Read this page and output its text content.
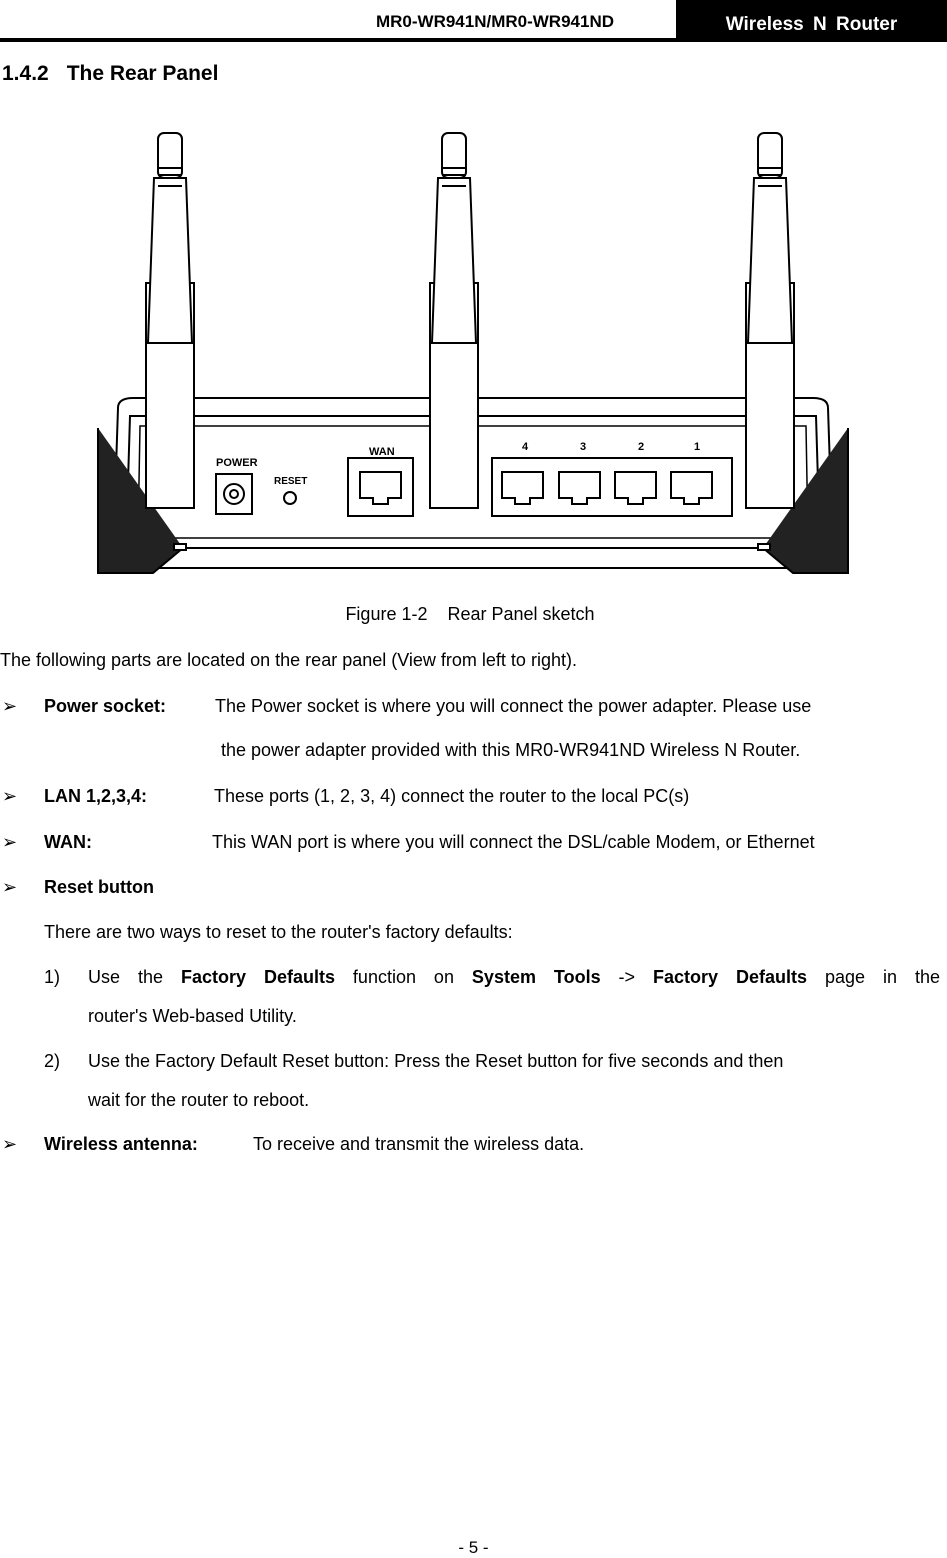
MR0-WR941N/MR0-WR941ND	Wireless N Router
1.4.2 The Rear Panel
POWER
RESET
WAN	4	3	2	1
Figure 1-2    Rear Panel sketch
The following parts are located on the rear panel (View from left to right).
➢ Power socket:	The Power socket is where you will connect the power adapter. Please use
the power adapter provided with this MR0-WR941ND Wireless N Router.
➢ LAN 1,2,3,4:	These ports (1, 2, 3, 4) connect the router to the local PC(s)
➢ WAN:	This WAN port is where you will connect the DSL/cable Modem, or Ethernet
➢ Reset button
There are two ways to reset to the router's factory defaults:
1) Use the Factory Defaults function on System Tools -> Factory Defaults page in the
router's Web-based Utility.
2) Use the Factory Default Reset button: Press the Reset button for five seconds and then
wait for the router to reboot.
➢ Wireless antenna:	To receive and transmit the wireless data.
- 5 -
